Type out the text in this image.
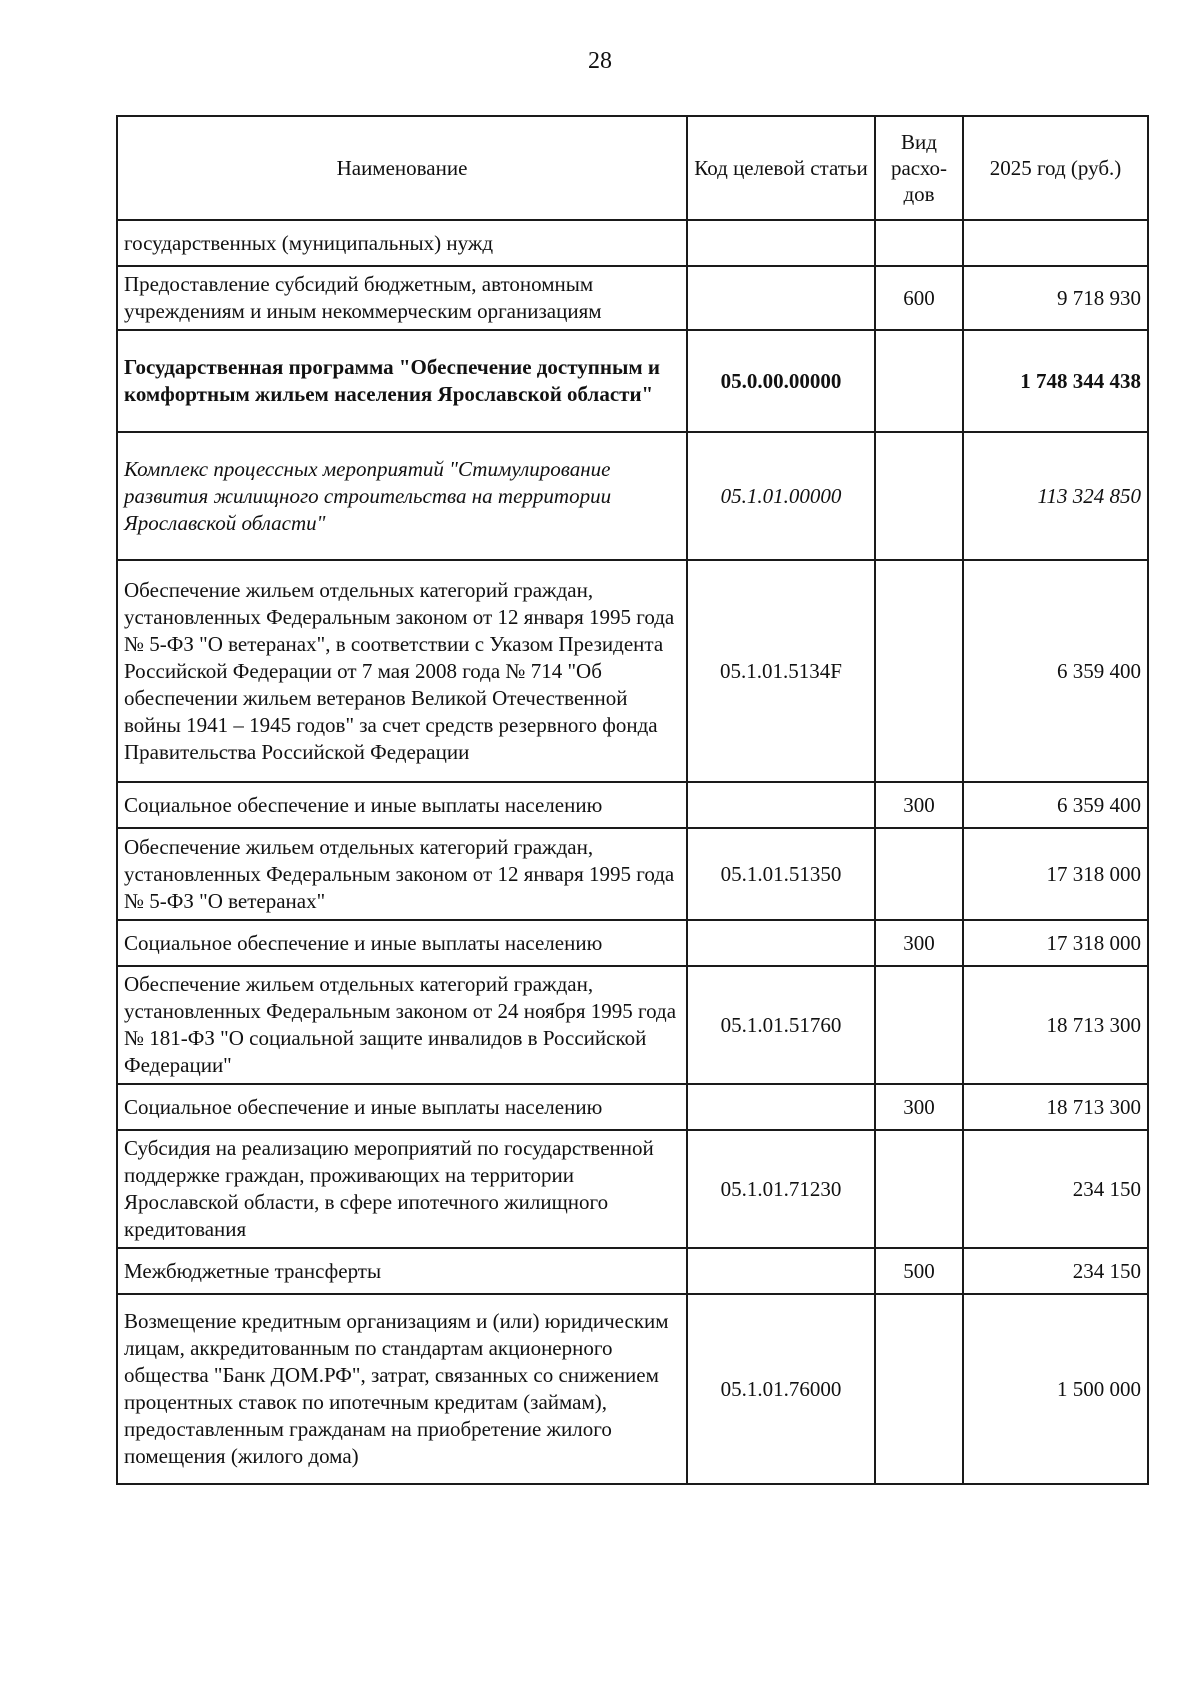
28
Наименование	Код целевой статьи	Вид расхо-дов	2025 год (руб.)
государственных (муниципальных) нужд			
Предоставление субсидий бюджетным, автономным учреждениям и иным некоммерческим организациям		600	9 718 930
Государственная программа "Обеспечение доступным и комфортным жильем населения Ярославской области"	05.0.00.00000		1 748 344 438
Комплекс процессных мероприятий "Стимулирование развития жилищного строительства на территории Ярославской области"	05.1.01.00000		113 324 850
Обеспечение жильем отдельных категорий граждан, установленных Федеральным законом от 12 января 1995 года № 5-ФЗ "О ветеранах", в соответствии с Указом Президента Российской Федерации от 7 мая 2008 года № 714 "Об обеспечении жильем ветеранов Великой Отечественной войны 1941 – 1945 годов" за счет средств резервного фонда Правительства Российской Федерации	05.1.01.5134F		6 359 400
Социальное обеспечение и иные выплаты населению		300	6 359 400
Обеспечение жильем отдельных категорий граждан, установленных Федеральным законом от 12 января 1995 года № 5-ФЗ "О ветеранах"	05.1.01.51350		17 318 000
Социальное обеспечение и иные выплаты населению		300	17 318 000
Обеспечение жильем отдельных категорий граждан, установленных Федеральным законом от 24 ноября 1995 года № 181-ФЗ "О социальной защите инвалидов в Российской Федерации"	05.1.01.51760		18 713 300
Социальное обеспечение и иные выплаты населению		300	18 713 300
Субсидия на реализацию мероприятий по государственной поддержке граждан, проживающих на территории Ярославской области, в сфере ипотечного жилищного кредитования	05.1.01.71230		234 150
Межбюджетные трансферты		500	234 150
Возмещение кредитным организациям и (или) юридическим лицам, аккредитованным по стандартам акционерного общества "Банк ДОМ.РФ", затрат, связанных со снижением процентных ставок по ипотечным кредитам (займам), предоставленным гражданам на приобретение жилого помещения (жилого дома)	05.1.01.76000		1 500 000
